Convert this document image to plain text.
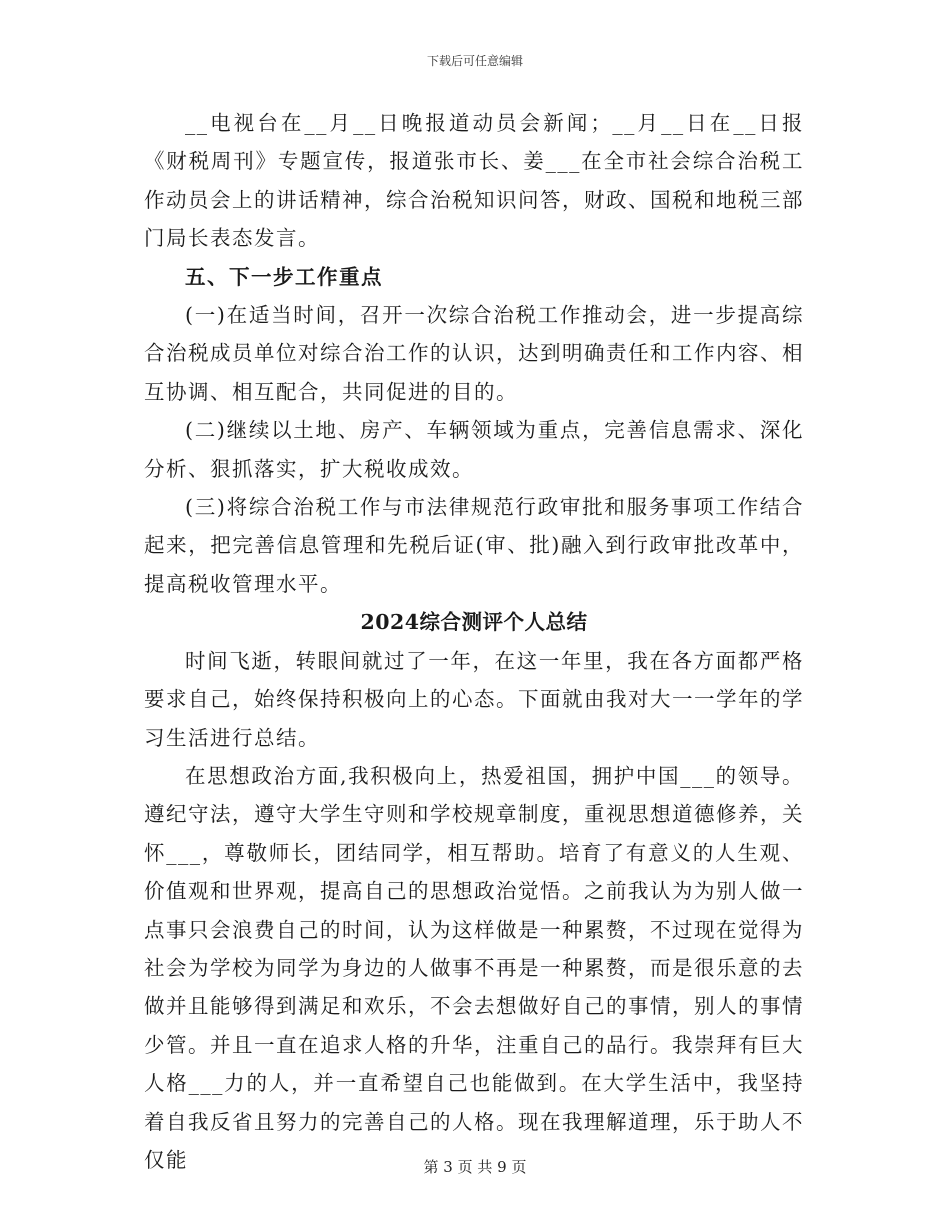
下载后可任意编辑

__电视台在__月__日晚报道动员会新闻；__月__日在__日报《财税周刊》专题宣传，报道张市长、姜___在全市社会综合治税工作动员会上的讲话精神，综合治税知识问答，财政、国税和地税三部门局长表态发言。

五、下一步工作重点

(一)在适当时间，召开一次综合治税工作推动会，进一步提高综合治税成员单位对综合治工作的认识，达到明确责任和工作内容、相互协调、相互配合，共同促进的目的。

(二)继续以土地、房产、车辆领域为重点，完善信息需求、深化分析、狠抓落实，扩大税收成效。

(三)将综合治税工作与市法律规范行政审批和服务事项工作结合起来，把完善信息管理和先税后证(审、批)融入到行政审批改革中，提高税收管理水平。

2024综合测评个人总结

时间飞逝，转眼间就过了一年，在这一年里，我在各方面都严格要求自己，始终保持积极向上的心态。下面就由我对大一一学年的学习生活进行总结。

在思想政治方面,我积极向上，热爱祖国，拥护中国___的领导。遵纪守法，遵守大学生守则和学校规章制度，重视思想道德修养，关怀___，尊敬师长，团结同学，相互帮助。培育了有意义的人生观、价值观和世界观，提高自己的思想政治觉悟。之前我认为为别人做一点事只会浪费自己的时间，认为这样做是一种累赘，不过现在觉得为社会为学校为同学为身边的人做事不再是一种累赘，而是很乐意的去做并且能够得到满足和欢乐，不会去想做好自己的事情，别人的事情少管。并且一直在追求人格的升华，注重自己的品行。我崇拜有巨大人格___力的人，并一直希望自己也能做到。在大学生活中，我坚持着自我反省且努力的完善自己的人格。现在我理解道理，乐于助人不仅能	第 3 页 共 9 页
